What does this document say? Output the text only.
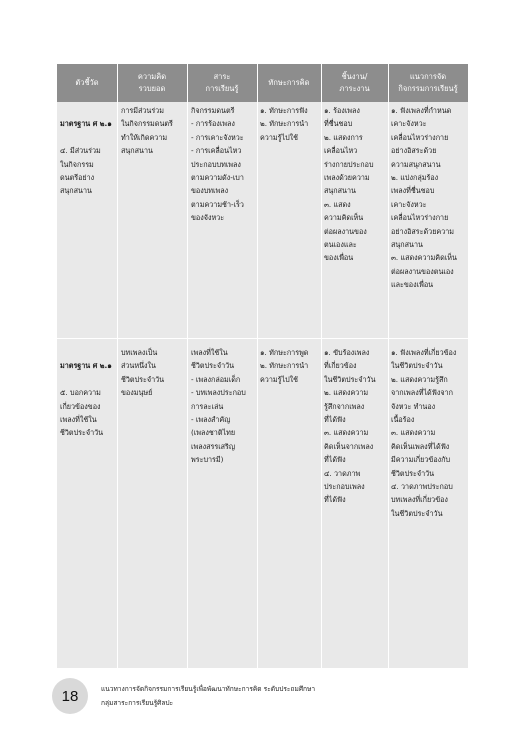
ตัวชี้วัด
ความคิด
รวบยอด
สาระ
การเรียนรู้
ทักษะการคิด
ชิ้นงาน/
ภาระงาน
แนวการจัด
กิจกรรมการเรียนรู้

มาตรฐาน ศ ๒.๑

๔. มีส่วนร่วม
ในกิจกรรม
ดนตรีอย่าง
สนุกสนาน

การมีส่วนร่วม
ในกิจกรรมดนตรี
ทำให้เกิดความ
สนุกสนาน
กิจกรรมดนตรี
- การร้องเพลง
- การเคาะจังหวะ
- การเคลื่อนไหว
ประกอบบทเพลง
ตามความดัง-เบา
ของบทเพลง
ตามความช้า-เร็ว
ของจังหวะ
๑. ทักษะการฟัง
๒. ทักษะการนำ
ความรู้ไปใช้
๑. ร้องเพลง
ที่ชื่นชอบ
๒. แสดงการ
เคลื่อนไหว
ร่างกายประกอบ
เพลงด้วยความ
สนุกสนาน
๓. แสดง
ความคิดเห็น
ต่อผลงานของ
ตนเองและ
ของเพื่อน
๑. ฟังเพลงที่กำหนด
เคาะจังหวะ
เคลื่อนไหวร่างกาย
อย่างอิสระด้วย
ความสนุกสนาน
๒. แบ่งกลุ่มร้อง
เพลงที่ชื่นชอบ
เคาะจังหวะ
เคลื่อนไหวร่างกาย
อย่างอิสระด้วยความ
สนุกสนาน
๓. แสดงความคิดเห็น
ต่อผลงานของตนเอง
และของเพื่อน

มาตรฐาน ศ ๒.๑

๕. บอกความ
เกี่ยวข้องของ
เพลงที่ใช้ใน
ชีวิตประจำวัน

บทเพลงเป็น
ส่วนหนึ่งใน
ชีวิตประจำวัน
ของมนุษย์
เพลงที่ใช้ใน
ชีวิตประจำวัน
- เพลงกล่อมเด็ก
- บทเพลงประกอบ
การละเล่น
- เพลงสำคัญ
(เพลงชาติไทย
เพลงสรรเสริญ
พระบารมี)
๑. ทักษะการพูด
๒. ทักษะการนำ
ความรู้ไปใช้
๑. ขับร้องเพลง
ที่เกี่ยวข้อง
ในชีวิตประจำวัน
๒. แสดงความ
รู้สึกจากเพลง
ที่ได้ฟัง
๓. แสดงความ
คิดเห็นจากเพลง
ที่ได้ฟัง
๔. วาดภาพ
ประกอบเพลง
ที่ได้ฟัง
๑. ฟังเพลงที่เกี่ยวข้อง
ในชีวิตประจำวัน
๒. แสดงความรู้สึก
จากเพลงที่ได้ฟังจาก
จังหวะ ทำนอง
เนื้อร้อง
๓. แสดงความ
คิดเห็นเพลงที่ได้ฟัง
มีความเกี่ยวข้องกับ
ชีวิตประจำวัน
๔. วาดภาพประกอบ
บทเพลงที่เกี่ยวข้อง
ในชีวิตประจำวัน
18	แนวทางการจัดกิจกรรมการเรียนรู้เพื่อพัฒนาทักษะการคิด ระดับประถมศึกษา
กลุ่มสาระการเรียนรู้ศิลปะ
